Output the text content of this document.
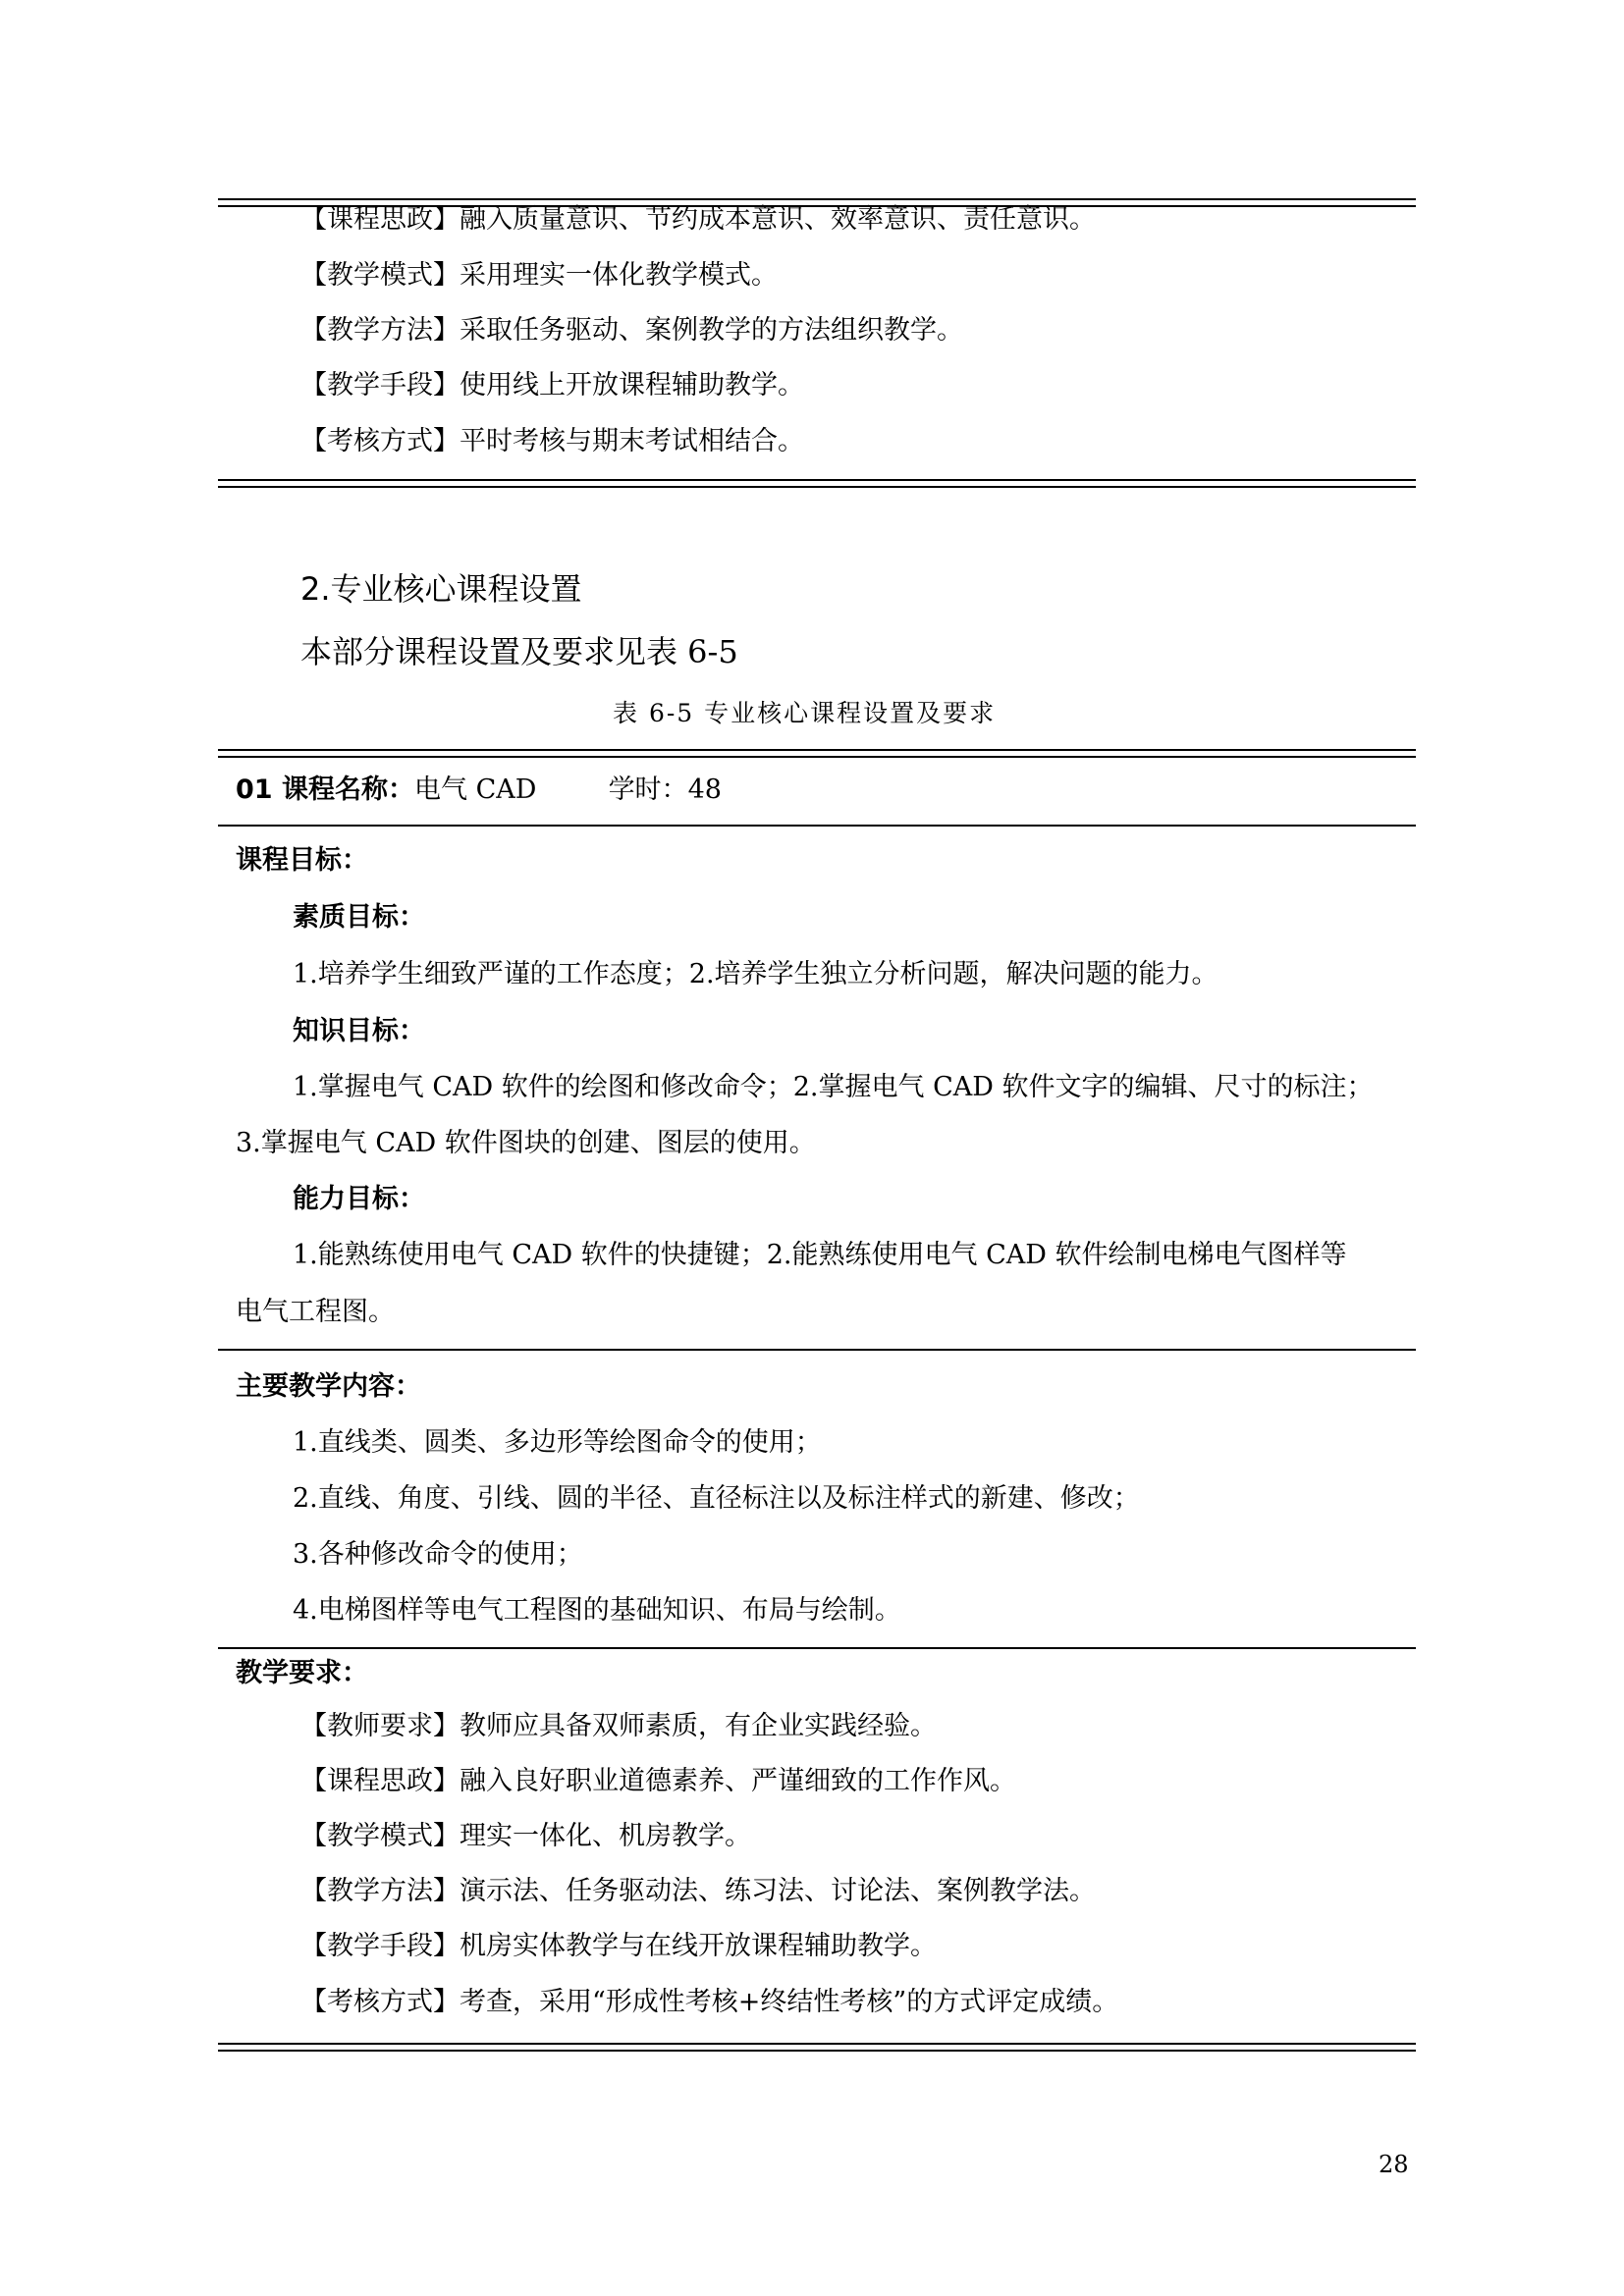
【课程思政】融入质量意识、节约成本意识、效率意识、责任意识。
【教学模式】采用理实一体化教学模式。
【教学方法】采取任务驱动、案例教学的方法组织教学。
【教学手段】使用线上开放课程辅助教学。
【考核方式】平时考核与期末考试相结合。
2.专业核心课程设置
本部分课程设置及要求见表 6-5
表 6-5 专业核心课程设置及要求
01 课程名称：电气 CAD	学时：48
课程目标：
素质目标：
1.培养学生细致严谨的工作态度；2.培养学生独立分析问题，解决问题的能力。
知识目标：
1.掌握电气 CAD 软件的绘图和修改命令；2.掌握电气 CAD 软件文字的编辑、尺寸的标注；
3.掌握电气 CAD 软件图块的创建、图层的使用。
能力目标：
1.能熟练使用电气 CAD 软件的快捷键；2.能熟练使用电气 CAD 软件绘制电梯电气图样等
电气工程图。
主要教学内容：
1.直线类、圆类、多边形等绘图命令的使用；
2.直线、角度、引线、圆的半径、直径标注以及标注样式的新建、修改；
3.各种修改命令的使用；
4.电梯图样等电气工程图的基础知识、布局与绘制。
教学要求：
【教师要求】教师应具备双师素质，有企业实践经验。
【课程思政】融入良好职业道德素养、严谨细致的工作作风。
【教学模式】理实一体化、机房教学。
【教学方法】演示法、任务驱动法、练习法、讨论法、案例教学法。
【教学手段】机房实体教学与在线开放课程辅助教学。
【考核方式】考查，采用“形成性考核+终结性考核”的方式评定成绩。
28
